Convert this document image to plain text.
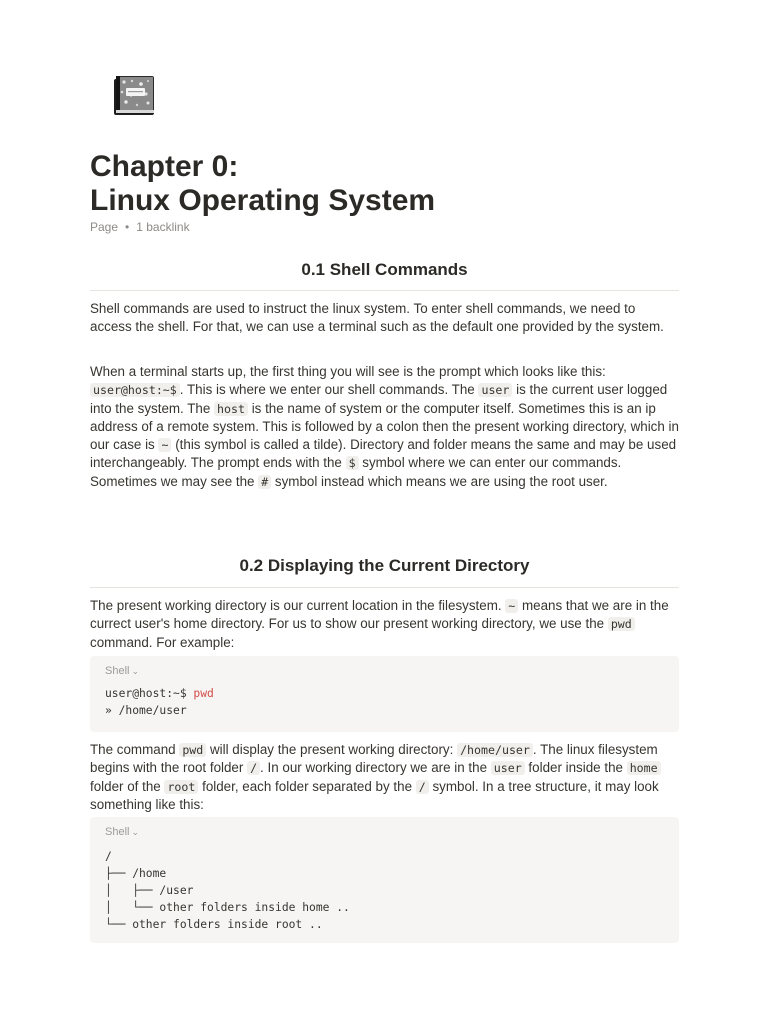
Chapter 0:
Linux Operating System
Page • 1 backlink
0.1 Shell Commands

Shell commands are used to instruct the linux system. To enter shell commands, we need to access the shell. For that, we can use a terminal such as the default one provided by the system.

When a terminal starts up, the first thing you will see is the prompt which looks like this: user@host:~$ . This is where we enter our shell commands. The user is the current user logged into the system. The host is the name of system or the computer itself. Sometimes this is an ip address of a remote system. This is followed by a colon then the present working directory, which in our case is ~ (this symbol is called a tilde). Directory and folder means the same and may be used interchangeably. The prompt ends with the $ symbol where we can enter our commands. Sometimes we may see the # symbol instead which means we are using the root user.

0.2 Displaying the Current Directory

The present working directory is our current location in the filesystem. ~ means that we are in the currect user's home directory. For us to show our present working directory, we use the pwd command. For example:

Shell ⌄
user@host:~$ pwd
» /home/user

The command pwd will display the present working directory: /home/user . The linux filesystem begins with the root folder / . In our working directory we are in the user folder inside the home folder of the root folder, each folder separated by the / symbol. In a tree structure, it may look something like this:

Shell ⌄
/
├── /home
│   ├── /user
│   └── other folders inside home ..
└── other folders inside root ..
